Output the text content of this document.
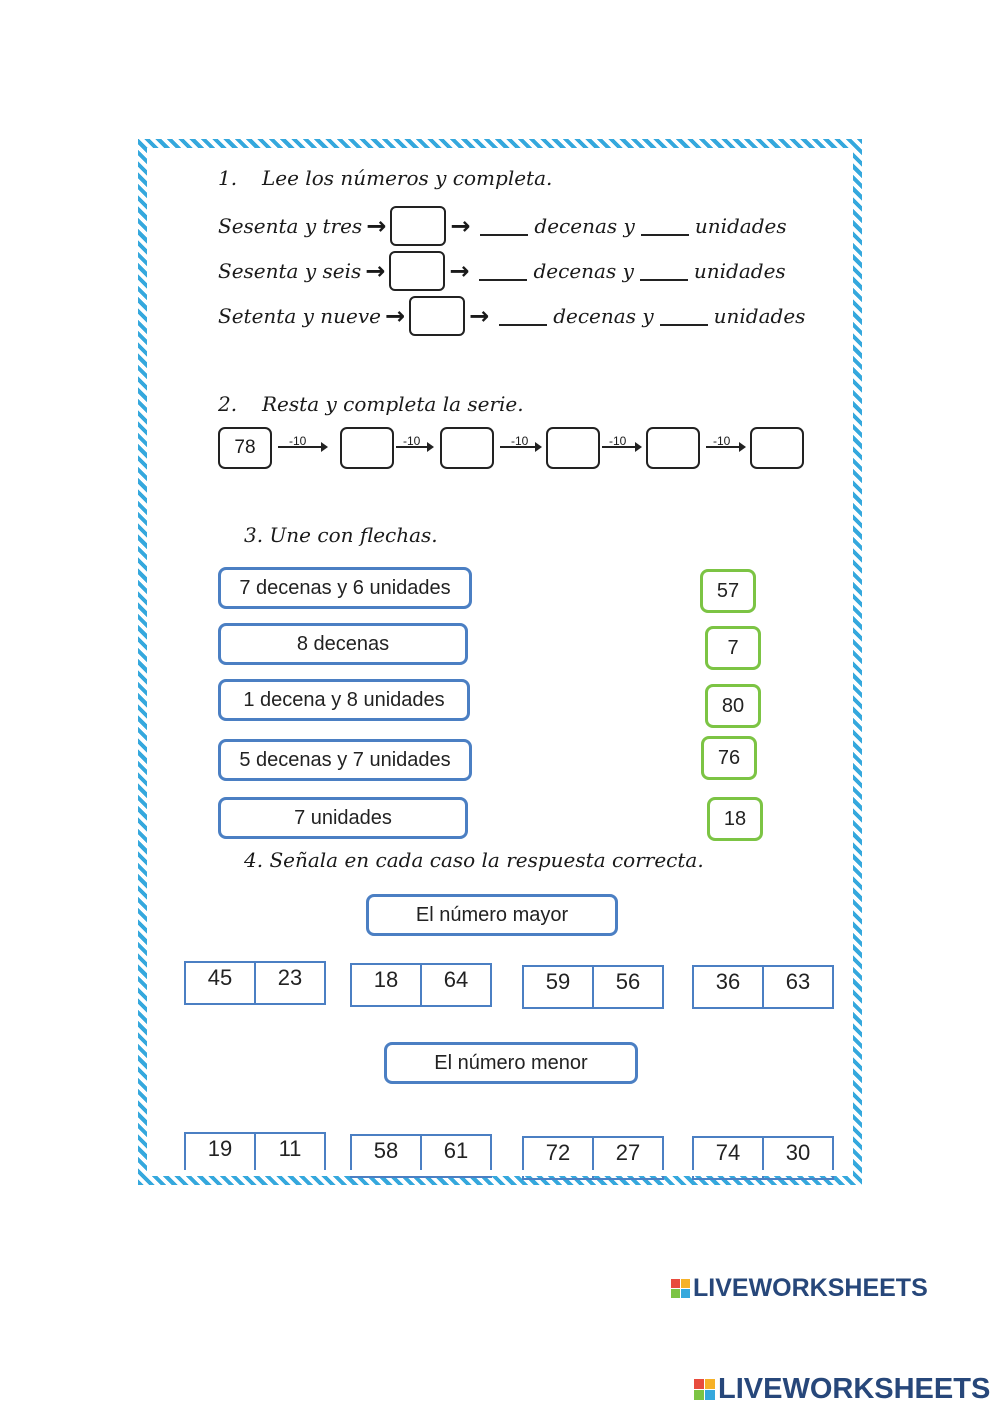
1. Lee los números y completa.
Sesenta y tres →	→	decenas y	unidades
Sesenta y seis →	→	decenas y	unidades
Setenta y nueve →	→	decenas y	unidades
2. Resta y completa la serie.
78	-10	-10	-10	-10	-10
3. Une con flechas.
7 decenas y 6 unidades
8 decenas
1 decena y 8 unidades
5 decenas y 7 unidades
7 unidades
57
7
80
76
18
4. Señala en cada caso la respuesta correcta.
El número mayor
45	23	18	64	59	56	36	63
El número menor
19	11	58	61	72	27	74	30
LIVEWORKSHEETS
LIVEWORKSHEETS
